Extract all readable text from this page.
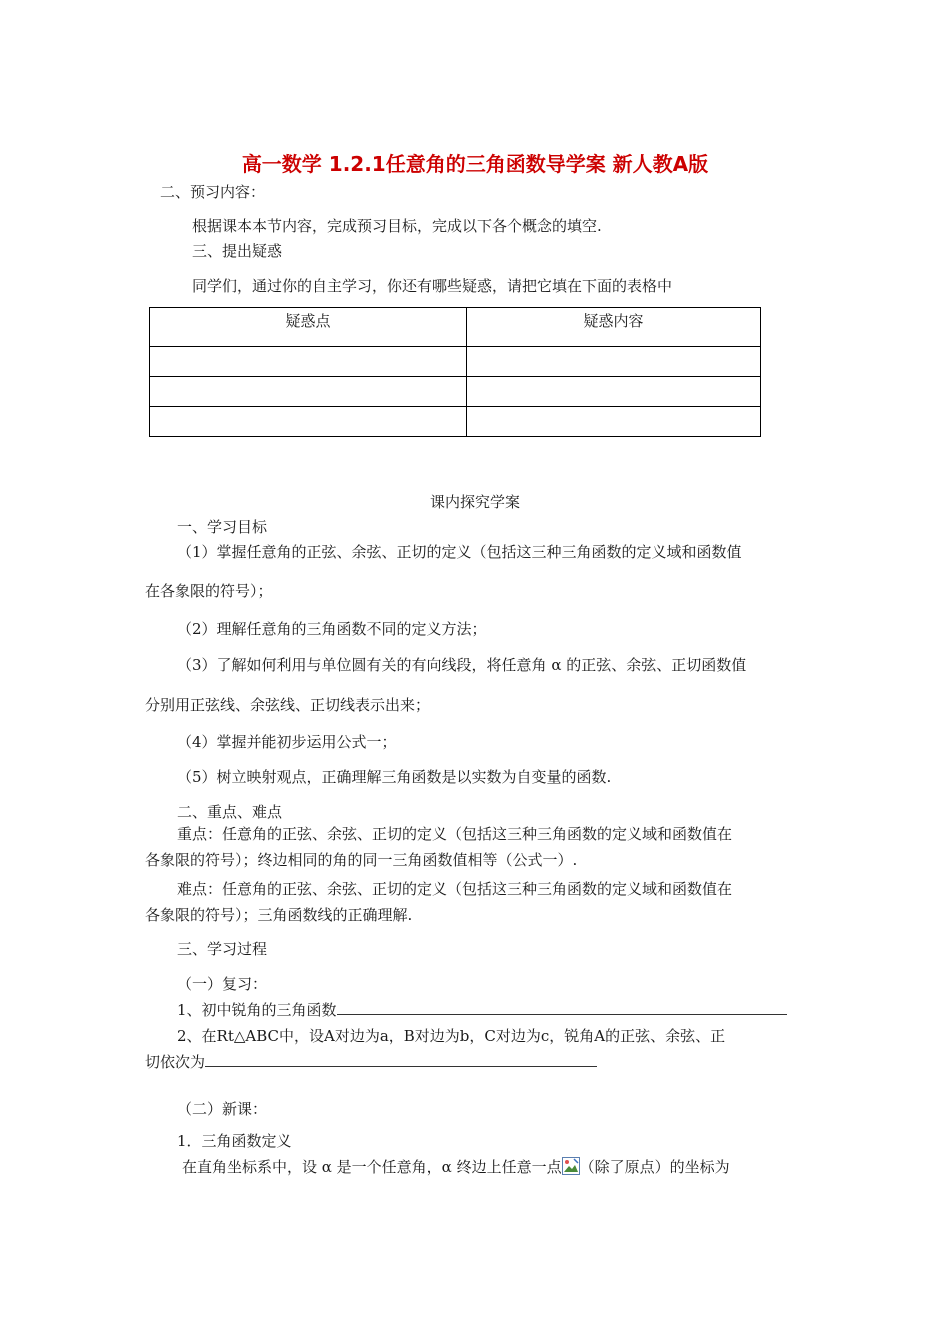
高一数学 1.2.1任意角的三角函数导学案 新人教A版
二、预习内容：
根据课本本节内容，完成预习目标，完成以下各个概念的填空.
三、提出疑惑
同学们，通过你的自主学习，你还有哪些疑惑，请把它填在下面的表格中
疑惑点	疑惑内容

课内探究学案
一、学习目标
（1）掌握任意角的正弦、余弦、正切的定义（包括这三种三角函数的定义域和函数值
在各象限的符号）；
（2）理解任意角的三角函数不同的定义方法；
（3）了解如何利用与单位圆有关的有向线段，将任意角 α 的正弦、余弦、正切函数值
分别用正弦线、余弦线、正切线表示出来；
（4）掌握并能初步运用公式一；
（5）树立映射观点，正确理解三角函数是以实数为自变量的函数.
二、重点、难点
重点：任意角的正弦、余弦、正切的定义（包括这三种三角函数的定义域和函数值在
各象限的符号）；终边相同的角的同一三角函数值相等（公式一）.
难点：任意角的正弦、余弦、正切的定义（包括这三种三角函数的定义域和函数值在
各象限的符号）；三角函数线的正确理解.
三、学习过程
（一）复习：
1、初中锐角的三角函数
2、在Rt△ABC中，设A对边为a，B对边为b，C对边为c，锐角A的正弦、余弦、正
切依次为
（二）新课：
1．三角函数定义
在直角坐标系中，设 α 是一个任意角，α 终边上任意一点 （除了原点）的坐标为
